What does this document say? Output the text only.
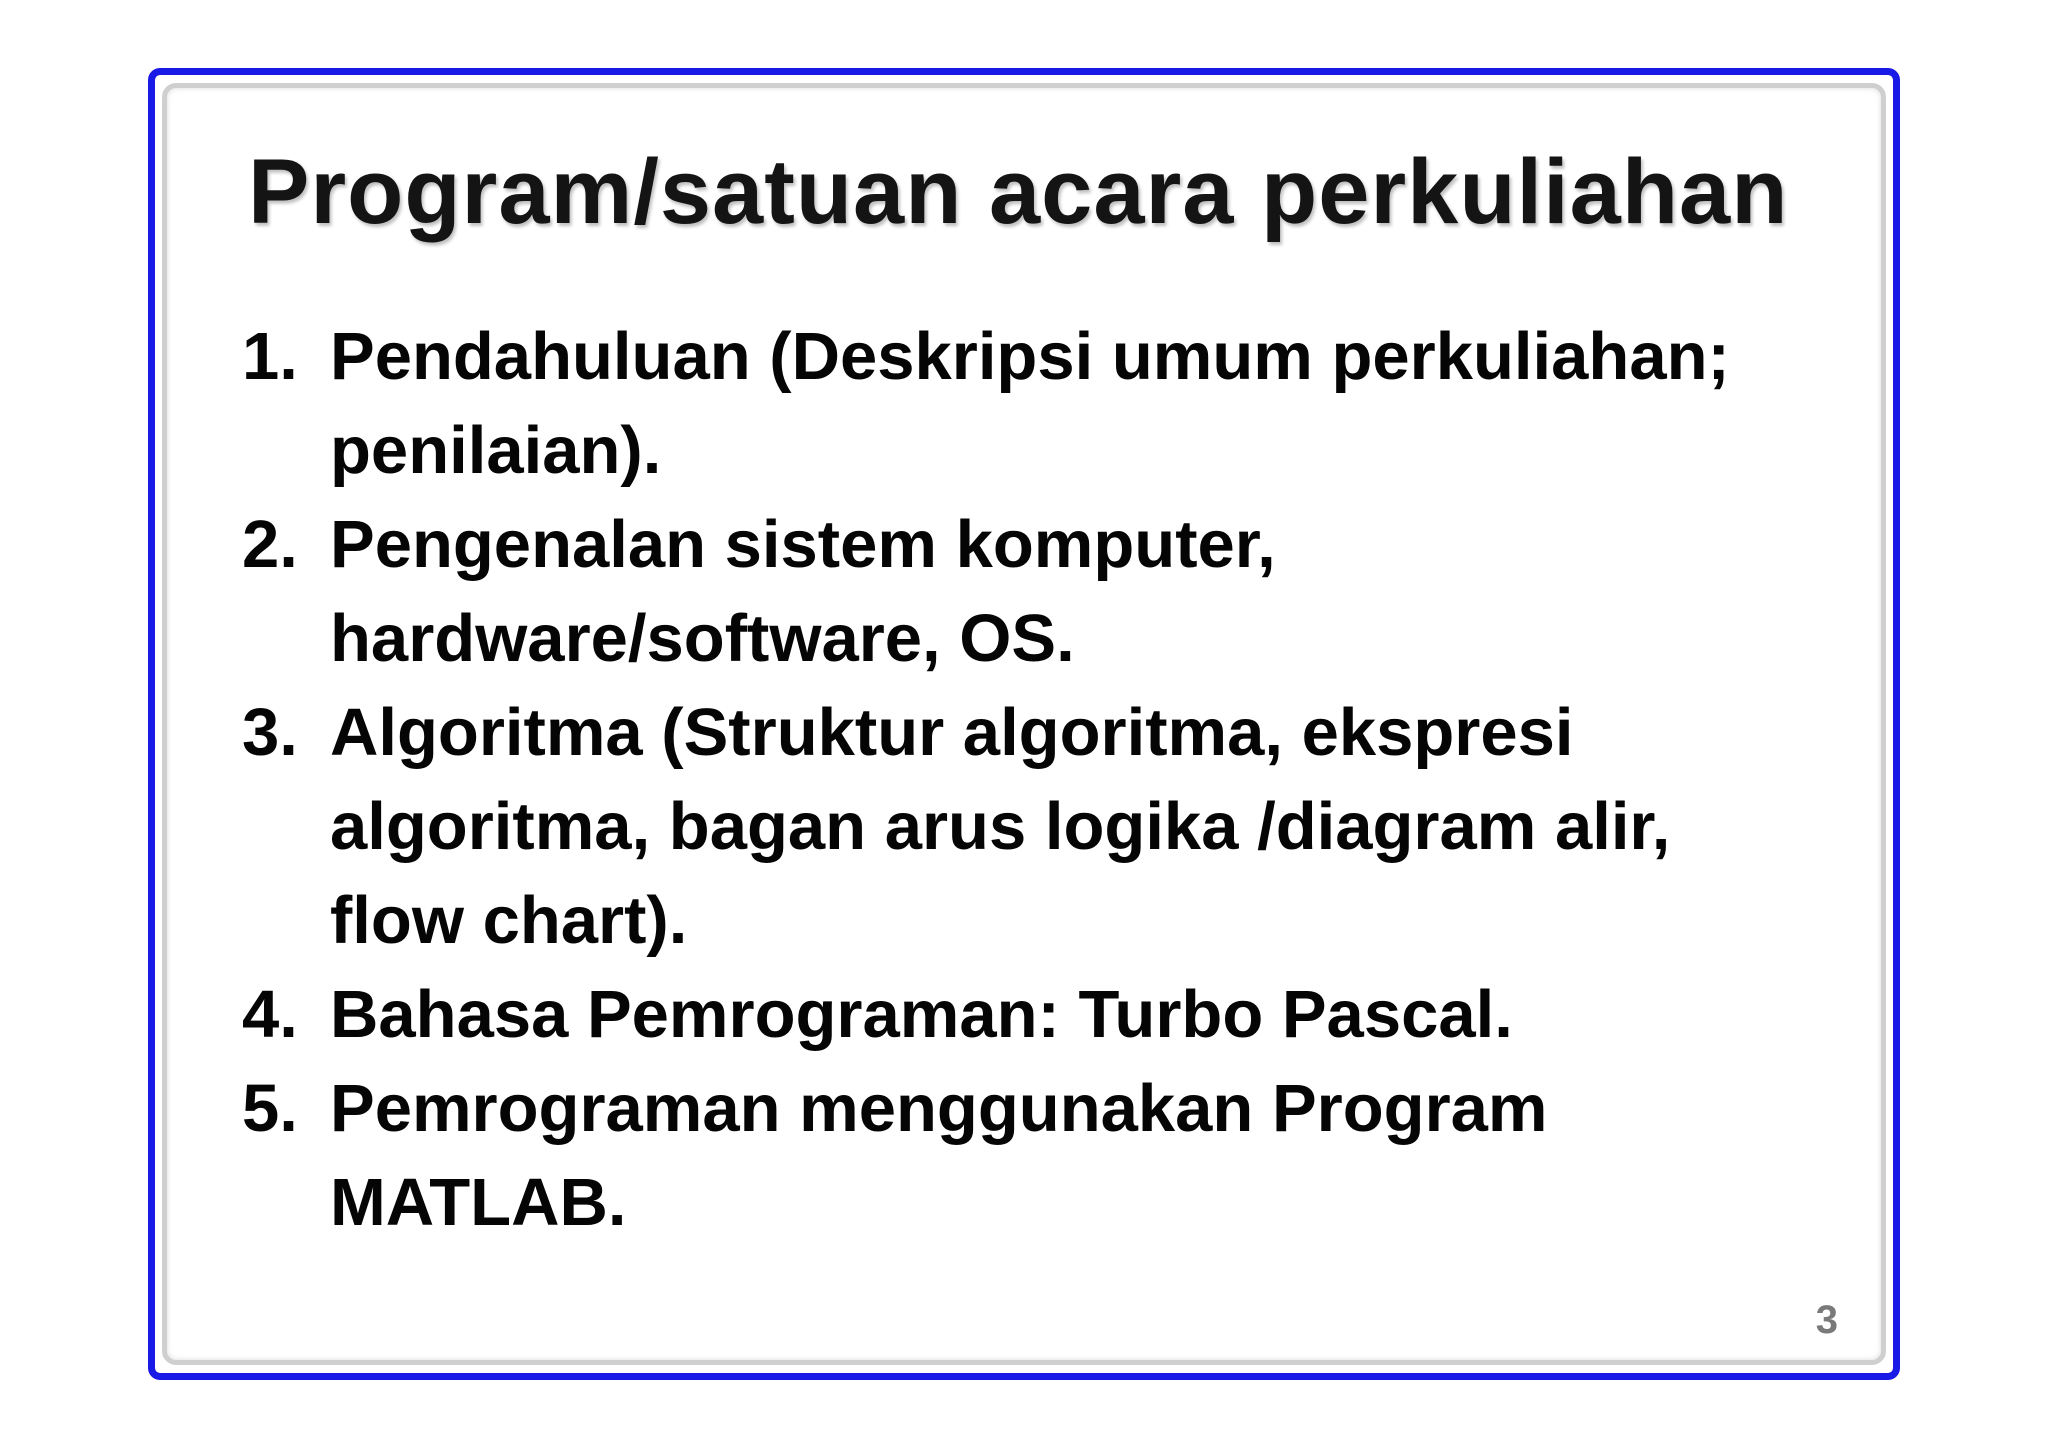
Program/satuan acara perkuliahan
1. Pendahuluan (Deskripsi umum perkuliahan; penilaian).
2. Pengenalan sistem komputer, hardware/software, OS.
3. Algoritma (Struktur algoritma, ekspresi algoritma, bagan arus logika /diagram alir, flow chart).
4. Bahasa Pemrograman: Turbo Pascal.
5. Pemrograman menggunakan Program MATLAB.
3
